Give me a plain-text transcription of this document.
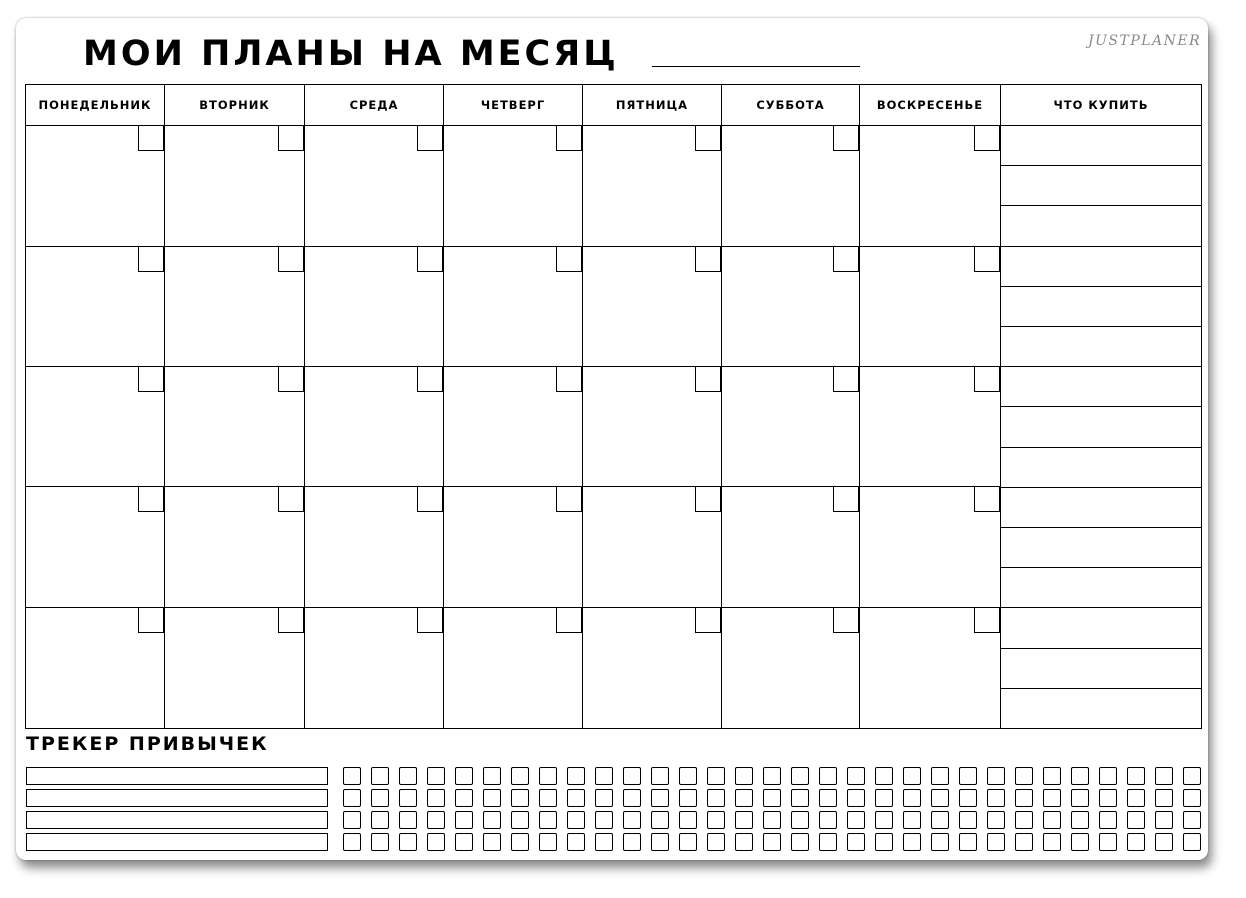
МОИ ПЛАНЫ НА МЕСЯЦ	JUSTPLANER
ПОНЕДЕЛЬНИК	ВТОРНИК	СРЕДА	ЧЕТВЕРГ	ПЯТНИЦА	СУББОТА	ВОСКРЕСЕНЬЕ	ЧТО КУПИТЬ
ТРЕКЕР ПРИВЫЧЕК
